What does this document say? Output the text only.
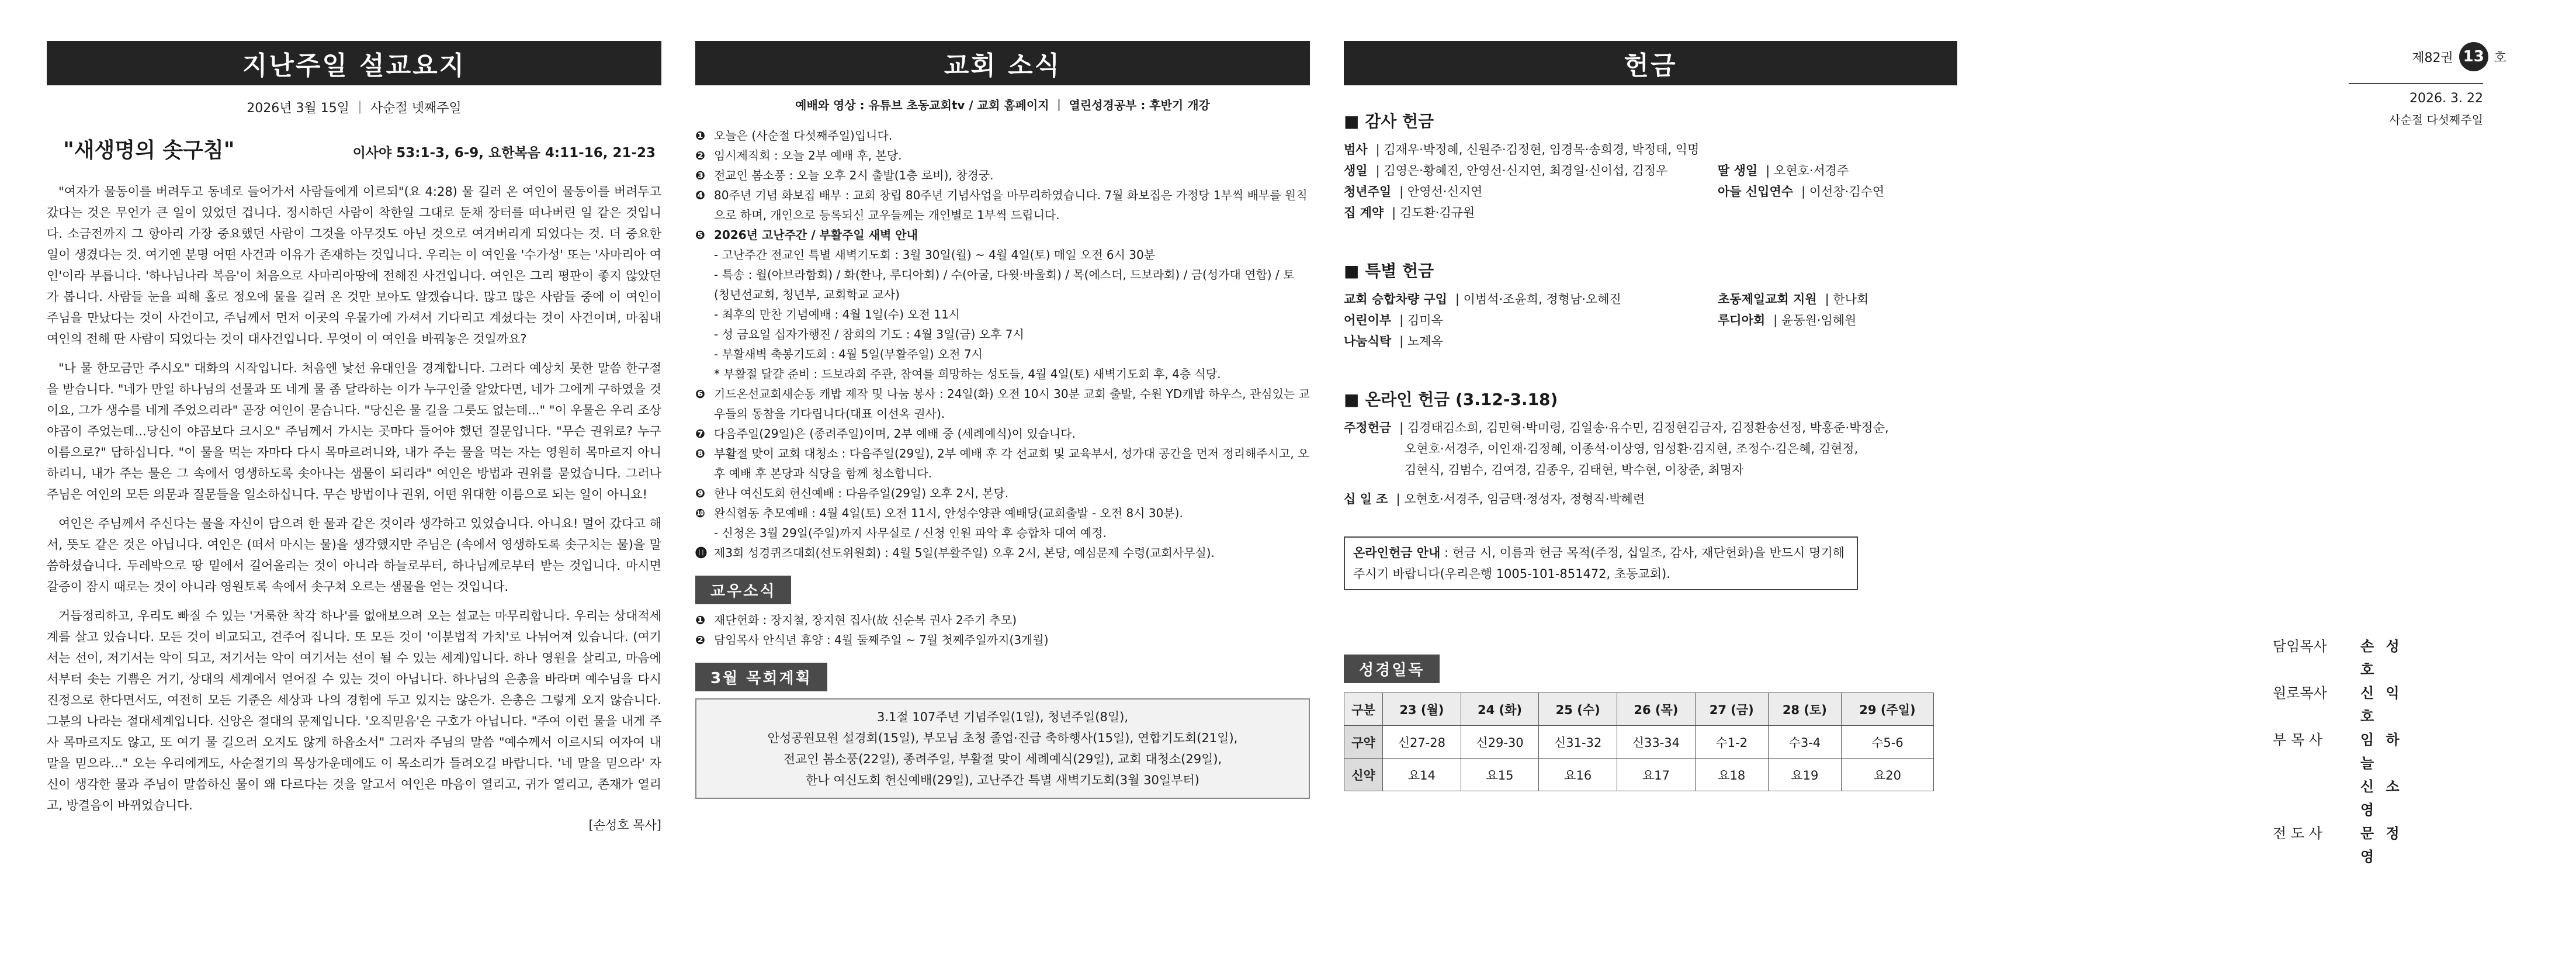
지난주일 설교요지
2026년 3월 15일 ｜ 사순절 넷째주일
"새생명의 솟구침"	이사야 53:1-3, 6-9, 요한복음 4:11-16, 21-23

"여자가 물동이를 버려두고 동네로 들어가서 사람들에게 이르되"(요 4:28) 물 길러 온 여인이 물동이를 버려두고 갔다는 것은 무언가 큰 일이 있었던 겁니다. 정시하던 사람이 착한일 그대로 둔채 장터를 떠나버린 일 같은 것입니다. 소금전까지 그 항아리 가장 중요했던 사람이 그것을 아무것도 아닌 것으로 여겨버리게 되었다는 것. 더 중요한 일이 생겼다는 것. 여기엔 분명 어떤 사건과 이유가 존재하는 것입니다. 우리는 이 여인을 '수가성' 또는 '사마리아 여인'이라 부릅니다. '하나님나라 복음'이 처음으로 사마리아땅에 전해진 사건입니다. 여인은 그리 평판이 좋지 않았던가 봅니다. 사람들 눈을 피해 홀로 정오에 물을 길러 온 것만 보아도 알겠습니다. 많고 많은 사람들 중에 이 여인이 주님을 만났다는 것이 사건이고, 주님께서 먼저 이곳의 우물가에 가셔서 기다리고 계셨다는 것이 사건이며, 마침내 여인의 전해 딴 사람이 되었다는 것이 대사건입니다. 무엇이 이 여인을 바꿔놓은 것일까요?

"나 물 한모금만 주시오" 대화의 시작입니다. 처음엔 낯선 유대인을 경계합니다. 그러다 예상치 못한 말씀 한구절을 받습니다. "네가 만일 하나님의 선물과 또 네게 물 좀 달라하는 이가 누구인줄 알았다면, 네가 그에게 구하였을 것이요, 그가 생수를 네게 주었으리라" 곧장 여인이 묻습니다. "당신은 물 길을 그릇도 없는데..." "이 우물은 우리 조상 야곱이 주었는데...당신이 야곱보다 크시오" 주님께서 가시는 곳마다 들어야 했던 질문입니다. "무슨 권위로? 누구 이름으로?" 답하십니다. "이 물을 먹는 자마다 다시 목마르려니와, 내가 주는 물을 먹는 자는 영원히 목마르지 아니하리니, 내가 주는 물은 그 속에서 영생하도록 솟아나는 샘물이 되리라" 여인은 방법과 권위를 묻었습니다. 그러나 주님은 여인의 모든 의문과 질문들을 일소하십니다. 무슨 방법이나 권위, 어떤 위대한 이름으로 되는 일이 아니요!

여인은 주님께서 주신다는 물을 자신이 담으려 한 물과 같은 것이라 생각하고 있었습니다. 아니요! 멀어 갔다고 해서, 뜻도 같은 것은 아닙니다. 여인은 (떠서 마시는 물)을 생각했지만 주님은 (속에서 영생하도록 솟구치는 물)을 말씀하셨습니다. 두레박으로 땅 밑에서 길어올리는 것이 아니라 하늘로부터, 하나님께로부터 받는 것입니다. 마시면 갈증이 잠시 때로는 것이 아니라 영원토록 속에서 솟구쳐 오르는 샘물을 얻는 것입니다.

거듭정리하고, 우리도 빠질 수 있는 '거룩한 착각 하나'를 없애보으려 오는 설교는 마무리합니다. 우리는 상대적세계를 살고 있습니다. 모든 것이 비교되고, 견주어 집니다. 또 모든 것이 '이분법적 가치'로 나뉘어져 있습니다. (여기서는 선이, 저기서는 악이 되고, 저기서는 악이 여기서는 선이 될 수 있는 세계)입니다. 하나 영원을 살리고, 마음에서부터 솟는 기쁨은 거기, 상대의 세계에서 얻어질 수 있는 것이 아닙니다. 하나님의 은총을 바라며 예수님을 다시 진정으로 한다면서도, 여전히 모든 기준은 세상과 나의 경험에 두고 있지는 않은가. 은총은 그렇게 오지 않습니다. 그분의 나라는 절대세계입니다. 신앙은 절대의 문제입니다. '오직믿음'은 구호가 아닙니다. "주여 이런 물을 내게 주사 목마르지도 않고, 또 여기 물 길으러 오지도 않게 하옵소서" 그러자 주님의 말씀 "예수께서 이르시되 여자여 내 말을 믿으라..." 오는 우리에게도, 사순절기의 목상가운데에도 이 목소리가 들려오길 바랍니다. '네 말을 믿으라' 자신이 생각한 물과 주님이 말씀하신 물이 왜 다르다는 것을 알고서 여인은 마음이 열리고, 귀가 열리고, 존재가 열리고, 방결음이 바뀌었습니다.

[손성호 목사]
교회 소식
예배와 영상 : 유튜브 초동교회tv / 교회 홈페이지 ｜ 열린성경공부 : 후반기 개강
❶ 오늘은 (사순절 다섯째주일)입니다.
❷ 임시제직회 : 오늘 2부 예배 후, 본당.
❸ 전교인 봄소풍 : 오늘 오후 2시 출발(1층 로비), 창경궁.
❹ 80주년 기념 화보집 배부 : 교회 창립 80주년 기념사업을 마무리하였습니다. 7월 화보집은 가정당 1부씩 배부를 원칙으로 하며, 개인으로 등록되신 교우들께는 개인별로 1부씩 드립니다.
❺ 2026년 고난주간 / 부활주일 새벽 안내
- 고난주간 전교인 특별 새벽기도회 : 3월 30일(월) ~ 4월 4일(토) 매일 오전 6시 30분
- 특송 : 월(아브라함회) / 화(한나, 루디아회) / 수(아굴, 다윗·바울회) / 목(에스더, 드보라회) / 금(성가대 연합) / 토(청년선교회, 청년부, 교회학교 교사)
- 최후의 만찬 기념예배 : 4월 1일(수) 오전 11시
- 성 금요일 십자가행진 / 참회의 기도 : 4월 3일(금) 오후 7시
- 부활새벽 축봉기도회 : 4월 5일(부활주일) 오전 7시
* 부활절 달걀 준비 : 드보라회 주관, 참여를 희망하는 성도들, 4월 4일(토) 새벽기도회 후, 4층 식당.
❻ 기드온선교회새순동 캐밥 제작 및 나눔 봉사 : 24일(화) 오전 10시 30분 교회 출발, 수원 YD캐밥 하우스, 관심있는 교우들의 동참을 기다립니다(대표 이선옥 권사).
❼ 다음주일(29일)은 (종려주일)이며, 2부 예배 중 (세례예식)이 있습니다.
❽ 부활절 맞이 교회 대청소 : 다음주일(29일), 2부 예배 후 각 선교회 및 교육부서, 성가대 공간을 먼저 정리해주시고, 오후 예배 후 본당과 식당을 함께 청소합니다.
❾ 한나 여신도회 헌신예배 : 다음주일(29일) 오후 2시, 본당.
❿ 완식협동 추모예배 : 4월 4일(토) 오전 11시, 안성수양관 예배당(교회출발 - 오전 8시 30분).
- 신청은 3월 29일(주일)까지 사무실로 / 신청 인원 파악 후 승합차 대여 예정.
⓫ 제3회 성경퀴즈대회(선도위원회) : 4월 5일(부활주일) 오후 2시, 본당, 예심문제 수령(교회사무실).
교우소식
❶ 재단헌화 : 장지철, 장지현 집사(故 신순복 권사 2주기 추모)
❷ 담임목사 안식년 휴양 : 4월 둘째주일 ~ 7월 첫째주일까지(3개월)
3월 목회계획
3.1절 107주년 기념주일(1일), 청년주일(8일),
안성공원묘원 설경회(15일), 부모님 초청 졸업·진급 축하행사(15일), 연합기도회(21일),
전교인 봄소풍(22일), 종려주일, 부활절 맞이 세례예식(29일), 교회 대청소(29일),
한나 여신도회 헌신예배(29일), 고난주간 특별 새벽기도회(3월 30일부터)
헌금
■ 감사 헌금
범사 | 김재우·박정혜, 신원주·김정현, 임경목·송희경, 박정태, 익명
생일 | 김영은·황혜진, 안영선·신지연, 최경일·신이섭, 김정우	딸 생일 | 오현호·서경주
청년주일 | 안영선·신지연	아들 신입연수 | 이선창·김수연
집 계약 | 김도환·김규원
■ 특별 헌금
교회 승합차량 구입 | 이범석·조윤희, 정형남·오혜진	초동제일교회 지원 | 한나회
어린이부 | 김미옥	루디아회 | 윤동원·임혜원
나눔식탁 | 노계옥
■ 온라인 헌금 (3.12-3.18)
주정헌금 | 김경태김소희, 김민혁·박미령, 김일송·유수민, 김정현김금자, 김정환송선정, 박홍준·박정순,
오현호·서경주, 이인재·김정혜, 이종석·이상영, 임성환·김지현, 조정수·김은혜, 김현정,
김현식, 김범수, 김여경, 김종우, 김태현, 박수현, 이창준, 최명자
십 일 조 | 오현호·서경주, 임금택·정성자, 정형직·박혜련
온라인헌금 안내 : 헌금 시, 이름과 헌금 목적(주정, 십일조, 감사, 재단헌화)을 반드시 명기해 주시기 바랍니다(우리은행 1005-101-851472, 초동교회).
성경일독
구분	23 (월)	24 (화)	25 (수)	26 (목)	27 (금)	28 (토)	29 (주일)
구약	신27-28	신29-30	신31-32	신33-34	수1-2	수3-4	수5-6
신약	요14	요15	요16	요17	요18	요19	요20
제82권 13 호
2026. 3. 22
사순절 다섯째주일
담임목사	손 성 호
원로목사	신 익 호
부 목 사	임 하 늘
신 소 영
전 도 사	문 정 영
